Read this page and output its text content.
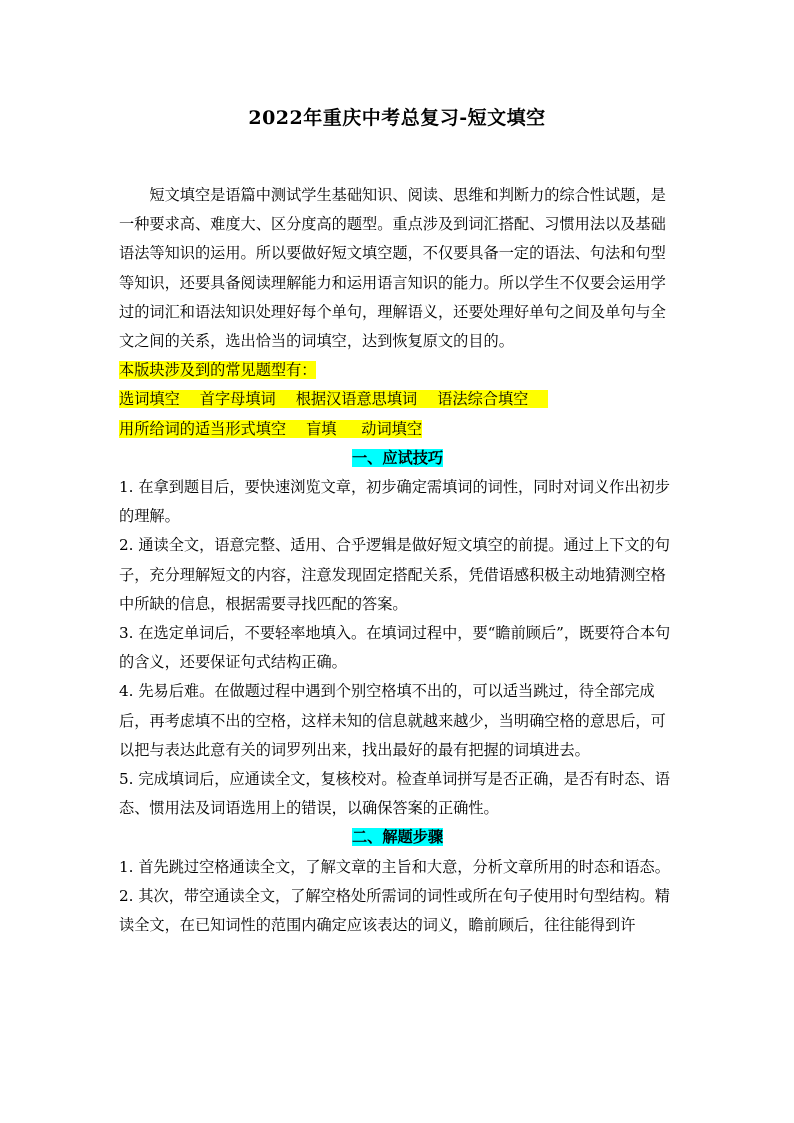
2022年重庆中考总复习-短文填空

短文填空是语篇中测试学生基础知识、阅读、思维和判断力的综合性试题，是一种要求高、难度大、区分度高的题型。重点涉及到词汇搭配、习惯用法以及基础语法等知识的运用。所以要做好短文填空题，不仅要具备一定的语法、句法和句型等知识，还要具备阅读理解能力和运用语言知识的能力。所以学生不仅要会运用学过的词汇和语法知识处理好每个单句，理解语义，还要处理好单句之间及单句与全文之间的关系，选出恰当的词填空，达到恢复原文的目的。

本版块涉及到的常见题型有：

选词填空 　首字母填词 　根据汉语意思填词 　语法综合填空 　

用所给词的适当形式填空 　盲填 　 动词填空

一、应试技巧

1. 在拿到题目后，要快速浏览文章，初步确定需填词的词性，同时对词义作出初步的理解。

2. 通读全文，语意完整、适用、合乎逻辑是做好短文填空的前提。通过上下文的句子，充分理解短文的内容，注意发现固定搭配关系，凭借语感积极主动地猜测空格中所缺的信息，根据需要寻找匹配的答案。

3. 在选定单词后，不要轻率地填入。在填词过程中，要“瞻前顾后”，既要符合本句 的含义，还要保证句式结构正确。

4. 先易后难。在做题过程中遇到个别空格填不出的，可以适当跳过，待全部完成后，再考虑填不出的空格，这样未知的信息就越来越少，当明确空格的意思后，可以把与表达此意有关的词罗列出来，找出最好的最有把握的词填进去。

5. 完成填词后，应通读全文，复核校对。检查单词拼写是否正确，是否有时态、语态、惯用法及词语选用上的错误，以确保答案的正确性。

二、解题步骤

1. 首先跳过空格通读全文，了解文章的主旨和大意，分析文章所用的时态和语态。

2. 其次，带空通读全文，了解空格处所需词的词性或所在句子使用时句型结构。精读全文，在已知词性的范围内确定应该表达的词义，瞻前顾后，往往能得到许
